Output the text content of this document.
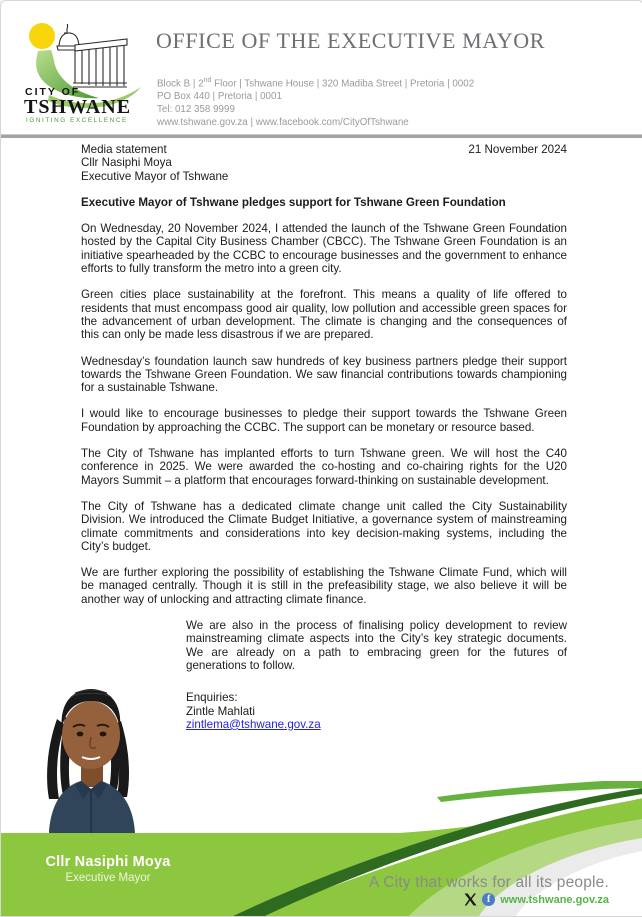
CITY OF
TSHWANE
IGNITING EXCELLENCE
OFFICE OF THE EXECUTIVE MAYOR
Block B | 2nd Floor | Tshwane House | 320 Madiba Street | Pretoria | 0002
PO Box 440 | Pretoria | 0001
Tel: 012 358 9999
www.tshwane.gov.za | www.facebook.com/CityOfTshwane
Media statement	21 November 2024
Cllr Nasiphi Moya
Executive Mayor of Tshwane
Executive Mayor of Tshwane pledges support for Tshwane Green Foundation

On Wednesday, 20 November 2024, I attended the launch of the Tshwane Green Foundation hosted by the Capital City Business Chamber (CBCC). The Tshwane Green Foundation is an initiative spearheaded by the CCBC to encourage businesses and the government to enhance efforts to fully transform the metro into a green city.

Green cities place sustainability at the forefront. This means a quality of life offered to residents that must encompass good air quality, low pollution and accessible green spaces for the advancement of urban development. The climate is changing and the consequences of this can only be made less disastrous if we are prepared.

Wednesday’s foundation launch saw hundreds of key business partners pledge their support towards the Tshwane Green Foundation. We saw financial contributions towards championing for a sustainable Tshwane.

I would like to encourage businesses to pledge their support towards the Tshwane Green Foundation by approaching the CCBC. The support can be monetary or resource based.

The City of Tshwane has implanted efforts to turn Tshwane green. We will host the C40 conference in 2025. We were awarded the co-hosting and co-chairing rights for the U20 Mayors Summit – a platform that encourages forward-thinking on sustainable development.

The City of Tshwane has a dedicated climate change unit called the City Sustainability Division. We introduced the Climate Budget Initiative, a governance system of mainstreaming climate commitments and considerations into key decision-making systems, including the City’s budget.

We are further exploring the possibility of establishing the Tshwane Climate Fund, which will be managed centrally. Though it is still in the prefeasibility stage, we also believe it will be another way of unlocking and attracting climate finance.

We are also in the process of finalising policy development to review mainstreaming climate aspects into the City’s key strategic documents. We are already on a path to embracing green for the futures of generations to follow.

Enquiries:
Zintle Mahlati
zintlema@tshwane.gov.za
Cllr Nasiphi Moya
Executive Mayor	A City that works for all its people.
f www.tshwane.gov.za
